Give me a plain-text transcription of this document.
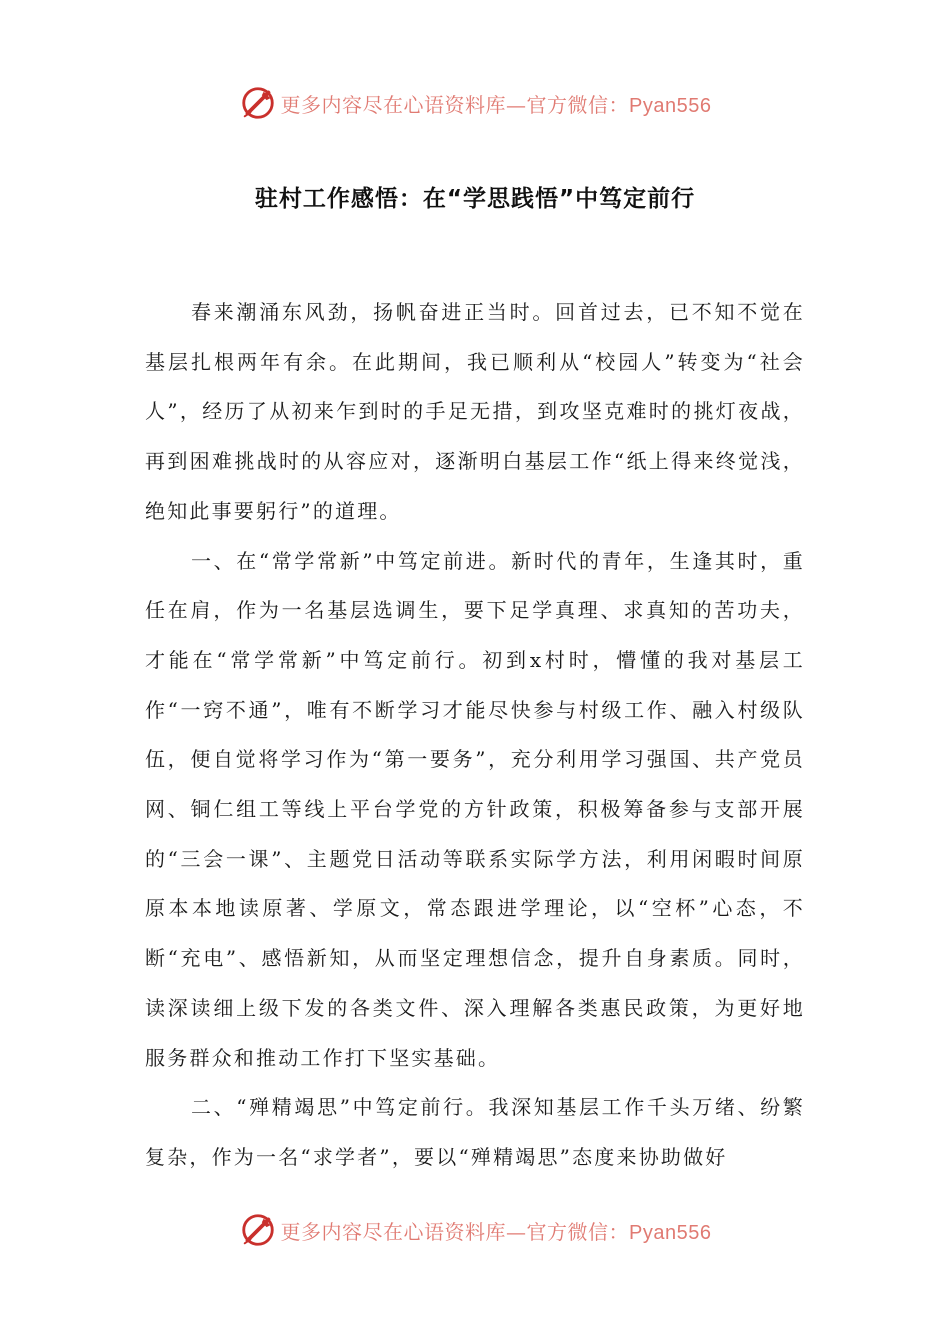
更多内容尽在心语资料库—官方微信：Pyan556
驻村工作感悟：在“学思践悟”中笃定前行

春来潮涌东风劲，扬帆奋进正当时。回首过去，已不知不觉在基层扎根两年有余。在此期间，我已顺利从“校园人”转变为“社会人”，经历了从初来乍到时的手足无措，到攻坚克难时的挑灯夜战，再到困难挑战时的从容应对，逐渐明白基层工作“纸上得来终觉浅，绝知此事要躬行”的道理。

一、在“常学常新”中笃定前进。新时代的青年，生逢其时，重任在肩，作为一名基层选调生，要下足学真理、求真知的苦功夫，才能在“常学常新”中笃定前行。初到x村时，懵懂的我对基层工作“一窍不通”，唯有不断学习才能尽快参与村级工作、融入村级队伍，便自觉将学习作为“第一要务”，充分利用学习强国、共产党员网、铜仁组工等线上平台学党的方针政策，积极筹备参与支部开展的“三会一课”、主题党日活动等联系实际学方法，利用闲暇时间原原本本地读原著、学原文，常态跟进学理论，以“空杯”心态，不断“充电”、感悟新知，从而坚定理想信念，提升自身素质。同时，读深读细上级下发的各类文件、深入理解各类惠民政策，为更好地服务群众和推动工作打下坚实基础。

二、“殚精竭思”中笃定前行。我深知基层工作千头万绪、纷繁复杂，作为一名“求学者”，要以“殚精竭思”态度来协助做好

更多内容尽在心语资料库—官方微信：Pyan556
